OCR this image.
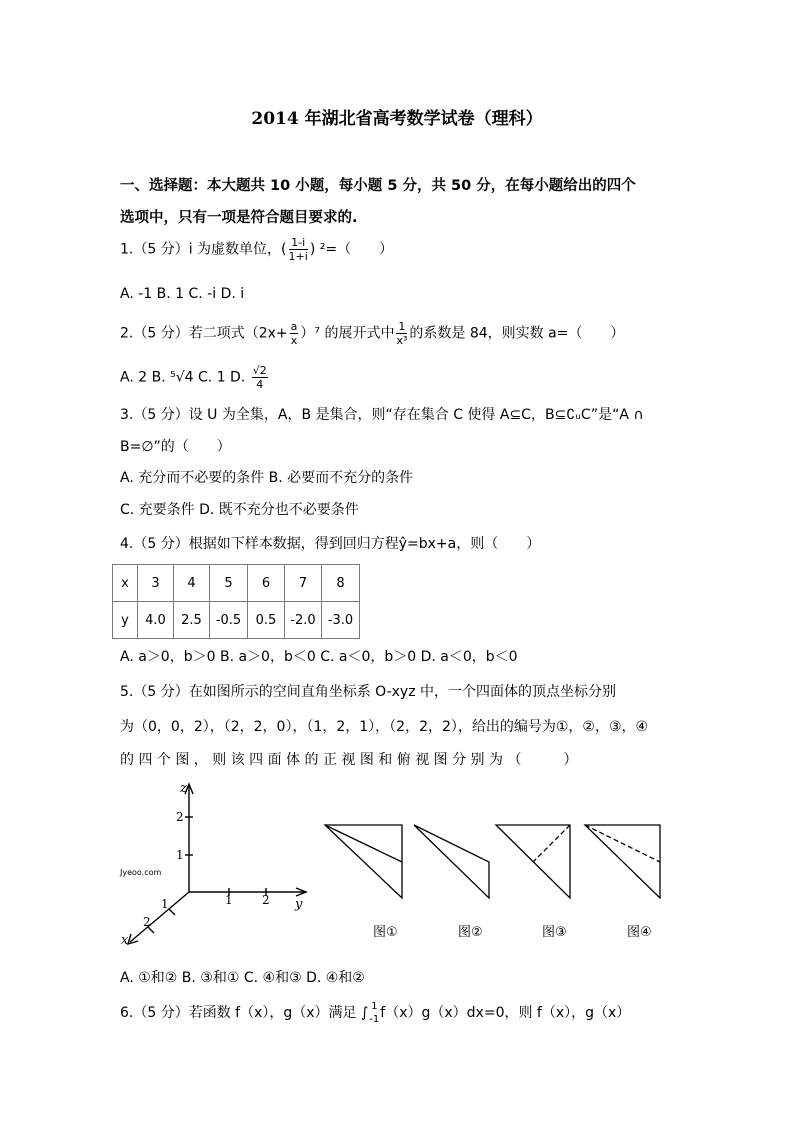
2014 年湖北省高考数学试卷（理科）
一、选择题：本大题共 10 小题，每小题 5 分，共 50 分，在每小题给出的四个
选项中，只有一项是符合题目要求的.
1.（5 分）i 为虚数单位，( $\frac{1-i}{1+i}$ ) ²=（　　）
A. -1 B. 1 C. -i D. i
2.（5 分）若二项式$(2x+ \frac{a}{x} )^7$ 的展开式中 $\frac{1}{\text{x³}}$ 的系数是 84，则实数 a=（　　）
A. 2 B. ⁵√4 C. 1 D. $\frac{√2}{4}$
3.（5 分）设 U 为全集，A，B 是集合，则“存在集合 C 使得 A⊆C，B⊆∁ᵤC”是“A ∩
B=∅”的（　　）
A. 充分而不必要的条件 B. 必要而不充分的条件
C. 充要条件 D. 既不充分也不必要条件
4.（5 分）根据如下样本数据，得到回归方程ŷ=bx+a，则（　　）
x	3	4	5	6	7	8
y	4.0	2.5	-0.5	0.5	-2.0	-3.0
A. a＞0，b＞0 B. a＞0，b＜0 C. a＜0，b＞0 D. a＜0，b＜0
5.（5 分）在如图所示的空间直角坐标系 O-xyz 中，一个四面体的顶点坐标分别
为（0，0，2），（2，2，0），（1，2，1），（2，2，2），给出的编号为①，②，③，④
的 四 个 图 ， 则 该 四 面 体 的 正 视 图 和 俯 视 图 分 别 为 （　　　）
z
2
1
1 2 y
1
2
x
Jyeoo.com
图①	图②	图③	图④
A. ①和② B. ③和① C. ④和③ D. ④和②
6.（5 分）若函数 f（x），g（x）满足 ∫ 1
-1 f（x）g（x）dx=0，则 f（x），g（x）
